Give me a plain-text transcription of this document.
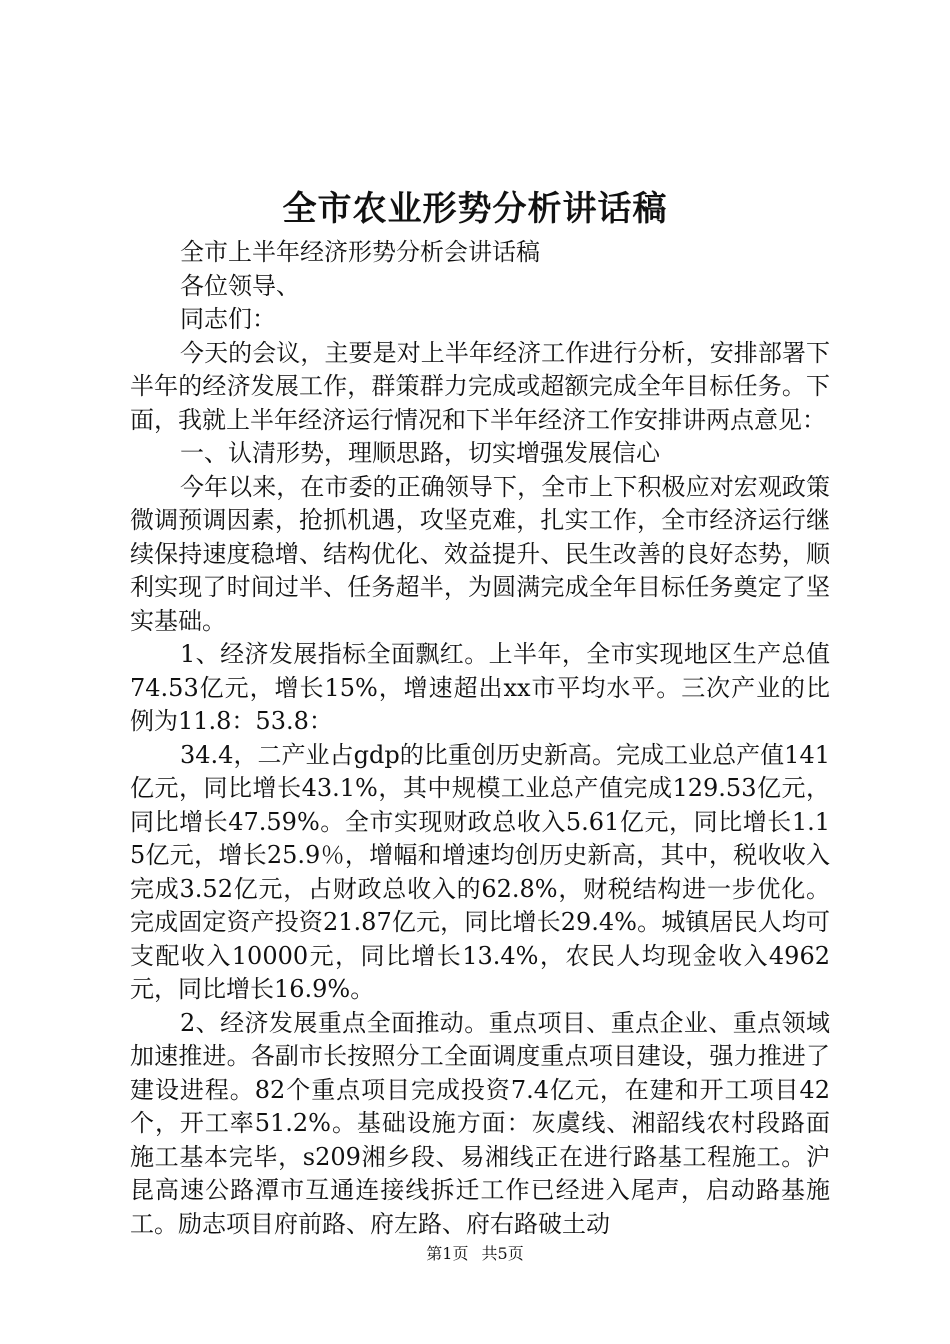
全市农业形势分析讲话稿

全市上半年经济形势分析会讲话稿

各位领导、

同志们：

今天的会议，主要是对上半年经济工作进行分析，安排部署下半年的经济发展工作，群策群力完成或超额完成全年目标任务。下面，我就上半年经济运行情况和下半年经济工作安排讲两点意见：

一、认清形势，理顺思路，切实增强发展信心

今年以来，在市委的正确领导下，全市上下积极应对宏观政策微调预调因素，抢抓机遇，攻坚克难，扎实工作，全市经济运行继续保持速度稳增、结构优化、效益提升、民生改善的良好态势，顺利实现了时间过半、任务超半，为圆满完成全年目标任务奠定了坚实基础。

1、经济发展指标全面飘红。上半年，全市实现地区生产总值74.53亿元，增长15%，增速超出xx市平均水平。三次产业的比例为11.8：53.8：

34.4，二产业占gdp的比重创历史新高。完成工业总产值141亿元，同比增长43.1%，其中规模工业总产值完成129.53亿元，同比增长47.59%。全市实现财政总收入5.61亿元，同比增长1.15亿元，增长25.9％，增幅和增速均创历史新高，其中，税收收入完成3.52亿元，占财政总收入的62.8%，财税结构进一步优化。完成固定资产投资21.87亿元，同比增长29.4%。城镇居民人均可支配收入10000元，同比增长13.4%，农民人均现金收入4962元，同比增长16.9%。

2、经济发展重点全面推动。重点项目、重点企业、重点领域加速推进。各副市长按照分工全面调度重点项目建设，强力推进了建设进程。82个重点项目完成投资7.4亿元，在建和开工项目42个，开工率51.2%。基础设施方面：灰虞线、湘韶线农村段路面施工基本完毕，s209湘乡段、易湘线正在进行路基工程施工。沪昆高速公路潭市互通连接线拆迁工作已经进入尾声，启动路基施工。励志项目府前路、府左路、府右路破土动

第1页 共5页
